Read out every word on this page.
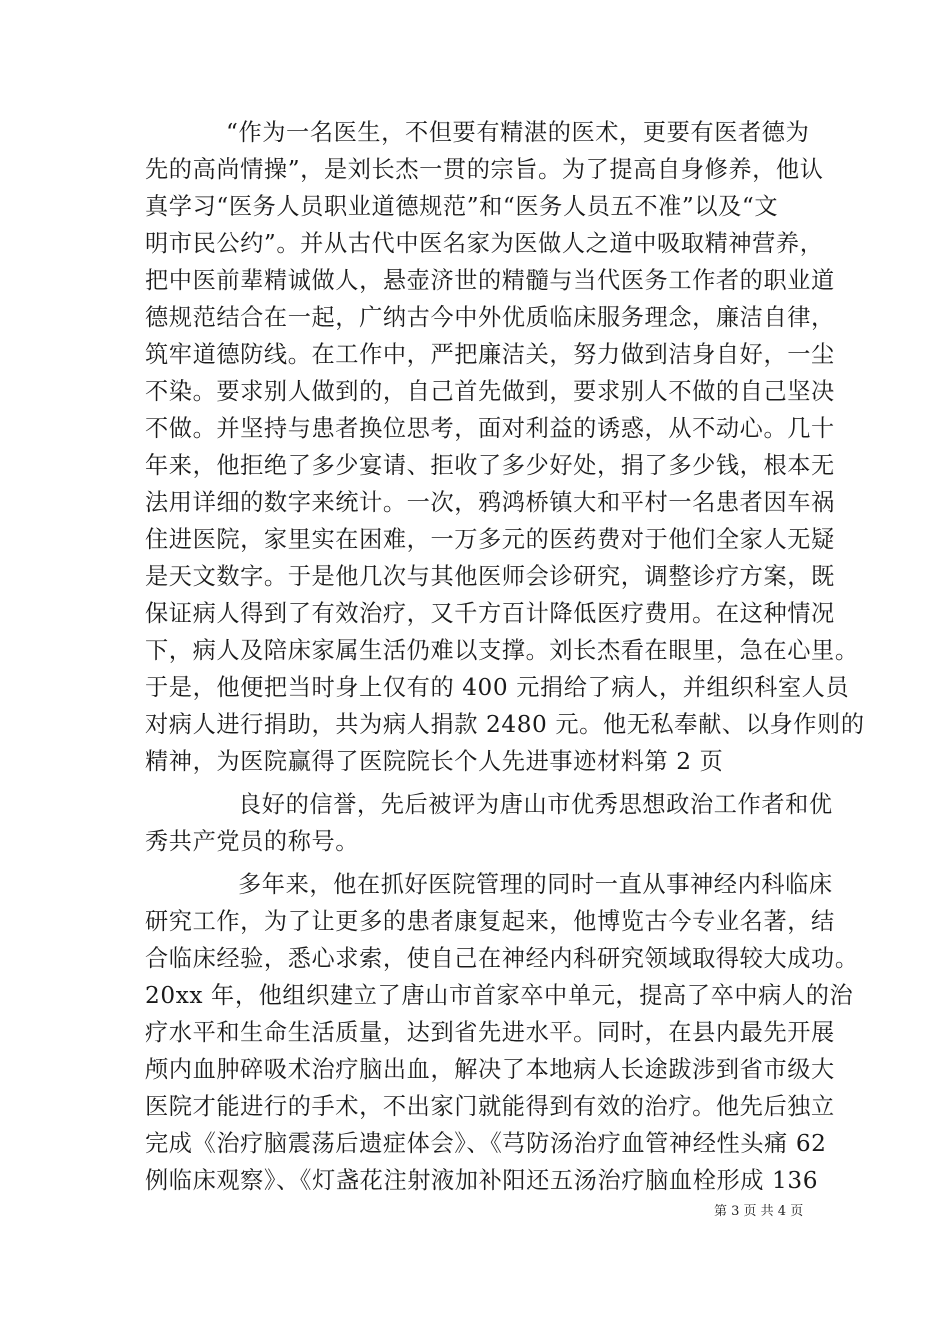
“作为一名医生，不但要有精湛的医术，更要有医者德为
先的高尚情操”，是刘长杰一贯的宗旨。为了提高自身修养，他认
真学习“医务人员职业道德规范”和“医务人员五不准”以及“文
明市民公约”。并从古代中医名家为医做人之道中吸取精神营养，
把中医前辈精诚做人，悬壶济世的精髓与当代医务工作者的职业道
德规范结合在一起，广纳古今中外优质临床服务理念，廉洁自律，
筑牢道德防线。在工作中，严把廉洁关，努力做到洁身自好，一尘
不染。要求别人做到的，自己首先做到，要求别人不做的自己坚决
不做。并坚持与患者换位思考，面对利益的诱惑，从不动心。几十
年来，他拒绝了多少宴请、拒收了多少好处，捐了多少钱，根本无
法用详细的数字来统计。一次，鸦鸿桥镇大和平村一名患者因车祸
住进医院，家里实在困难，一万多元的医药费对于他们全家人无疑
是天文数字。于是他几次与其他医师会诊研究，调整诊疗方案，既
保证病人得到了有效治疗，又千方百计降低医疗费用。在这种情况
下，病人及陪床家属生活仍难以支撑。刘长杰看在眼里，急在心里。
于是，他便把当时身上仅有的 400 元捐给了病人，并组织科室人员
对病人进行捐助，共为病人捐款 2480 元。他无私奉献、以身作则的
精神，为医院赢得了医院院长个人先进事迹材料第 2 页
良好的信誉，先后被评为唐山市优秀思想政治工作者和优
秀共产党员的称号。
多年来，他在抓好医院管理的同时一直从事神经内科临床
研究工作，为了让更多的患者康复起来，他博览古今专业名著，结
合临床经验，悉心求索，使自己在神经内科研究领域取得较大成功。
20xx 年，他组织建立了唐山市首家卒中单元，提高了卒中病人的治
疗水平和生命生活质量，达到省先进水平。同时，在县内最先开展
颅内血肿碎吸术治疗脑出血，解决了本地病人长途跋涉到省市级大
医院才能进行的手术，不出家门就能得到有效的治疗。他先后独立
完成《治疗脑震荡后遗症体会》、《芎防汤治疗血管神经性头痛 62
例临床观察》、《灯盏花注射液加补阳还五汤治疗脑血栓形成 136
第 3 页 共 4 页
